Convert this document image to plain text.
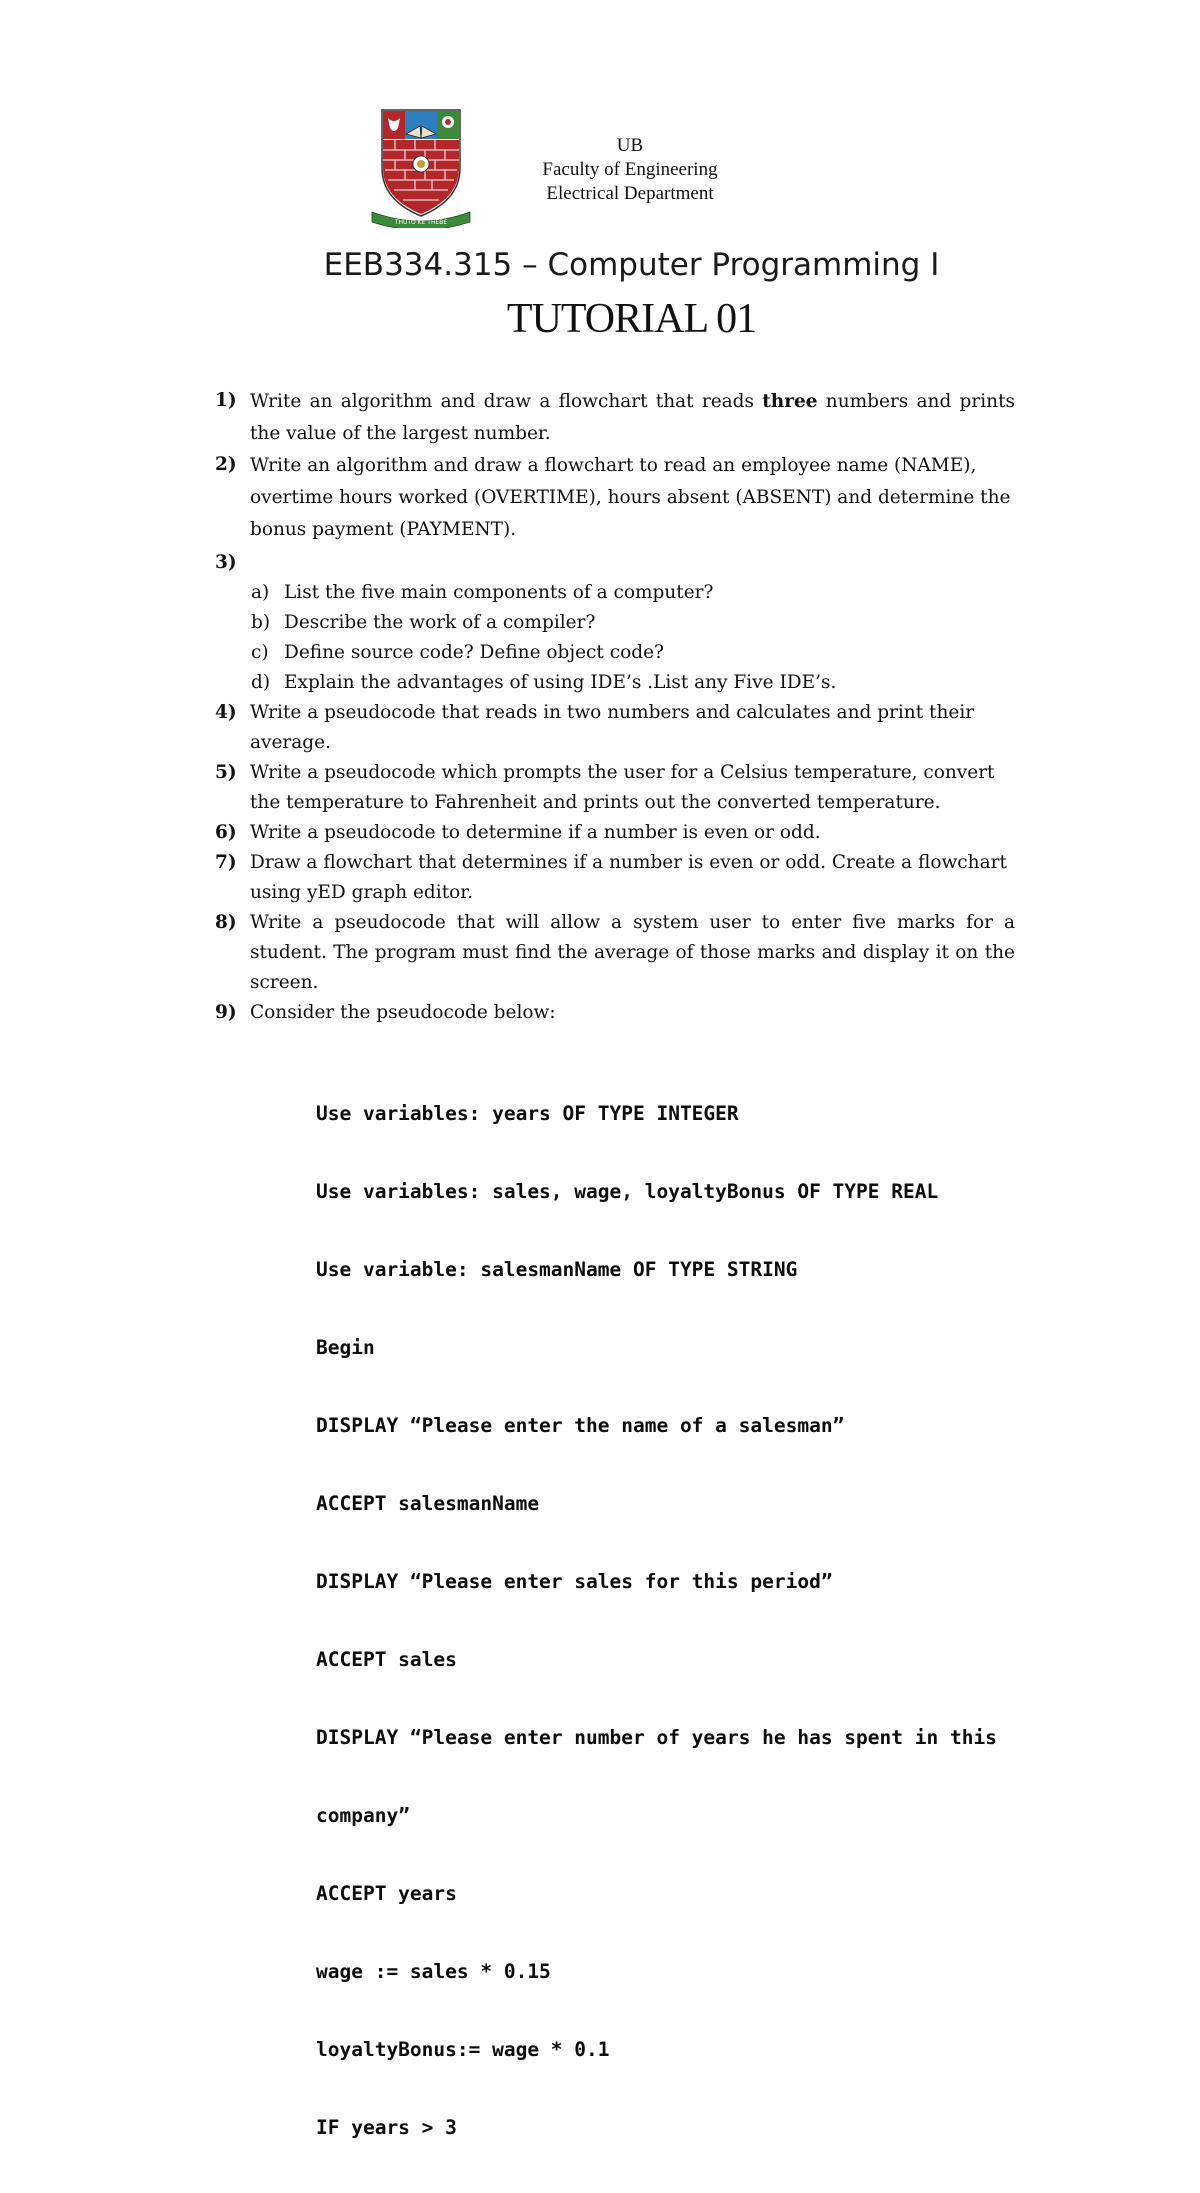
THUTO KE THEBE
UB
Faculty of Engineering
Electrical Department
EEB334.315 – Computer Programming I
TUTORIAL 01
1) Write an algorithm and draw a flowchart that reads three numbers and prints the value of the largest number.
2) Write an algorithm and draw a flowchart to read an employee name (NAME), overtime hours worked (OVERTIME), hours absent (ABSENT) and determine the bonus payment (PAYMENT).
3)
a) List the five main components of a computer?
b) Describe the work of a compiler?
c) Define source code? Define object code?
d) Explain the advantages of using IDE’s .List any Five IDE’s.
4) Write a pseudocode that reads in two numbers and calculates and print their average.
5) Write a pseudocode which prompts the user for a Celsius temperature, convert the temperature to Fahrenheit and prints out the converted temperature.
6) Write a pseudocode to determine if a number is even or odd.
7) Draw a flowchart that determines if a number is even or odd. Create a flowchart using yED graph editor.
8) Write a pseudocode that will allow a system user to enter five marks for a student. The program must find the average of those marks and display it on the screen.
9) Consider the pseudocode below:

Use variables: years OF TYPE INTEGER

Use variables: sales, wage, loyaltyBonus OF TYPE REAL

Use variable: salesmanName OF TYPE STRING

Begin

DISPLAY “Please enter the name of a salesman”

ACCEPT salesmanName

DISPLAY “Please enter sales for this period”

ACCEPT sales

DISPLAY “Please enter number of years he has spent in this

company”

ACCEPT years

wage := sales * 0.15

loyaltyBonus:= wage * 0.1

IF years > 3
